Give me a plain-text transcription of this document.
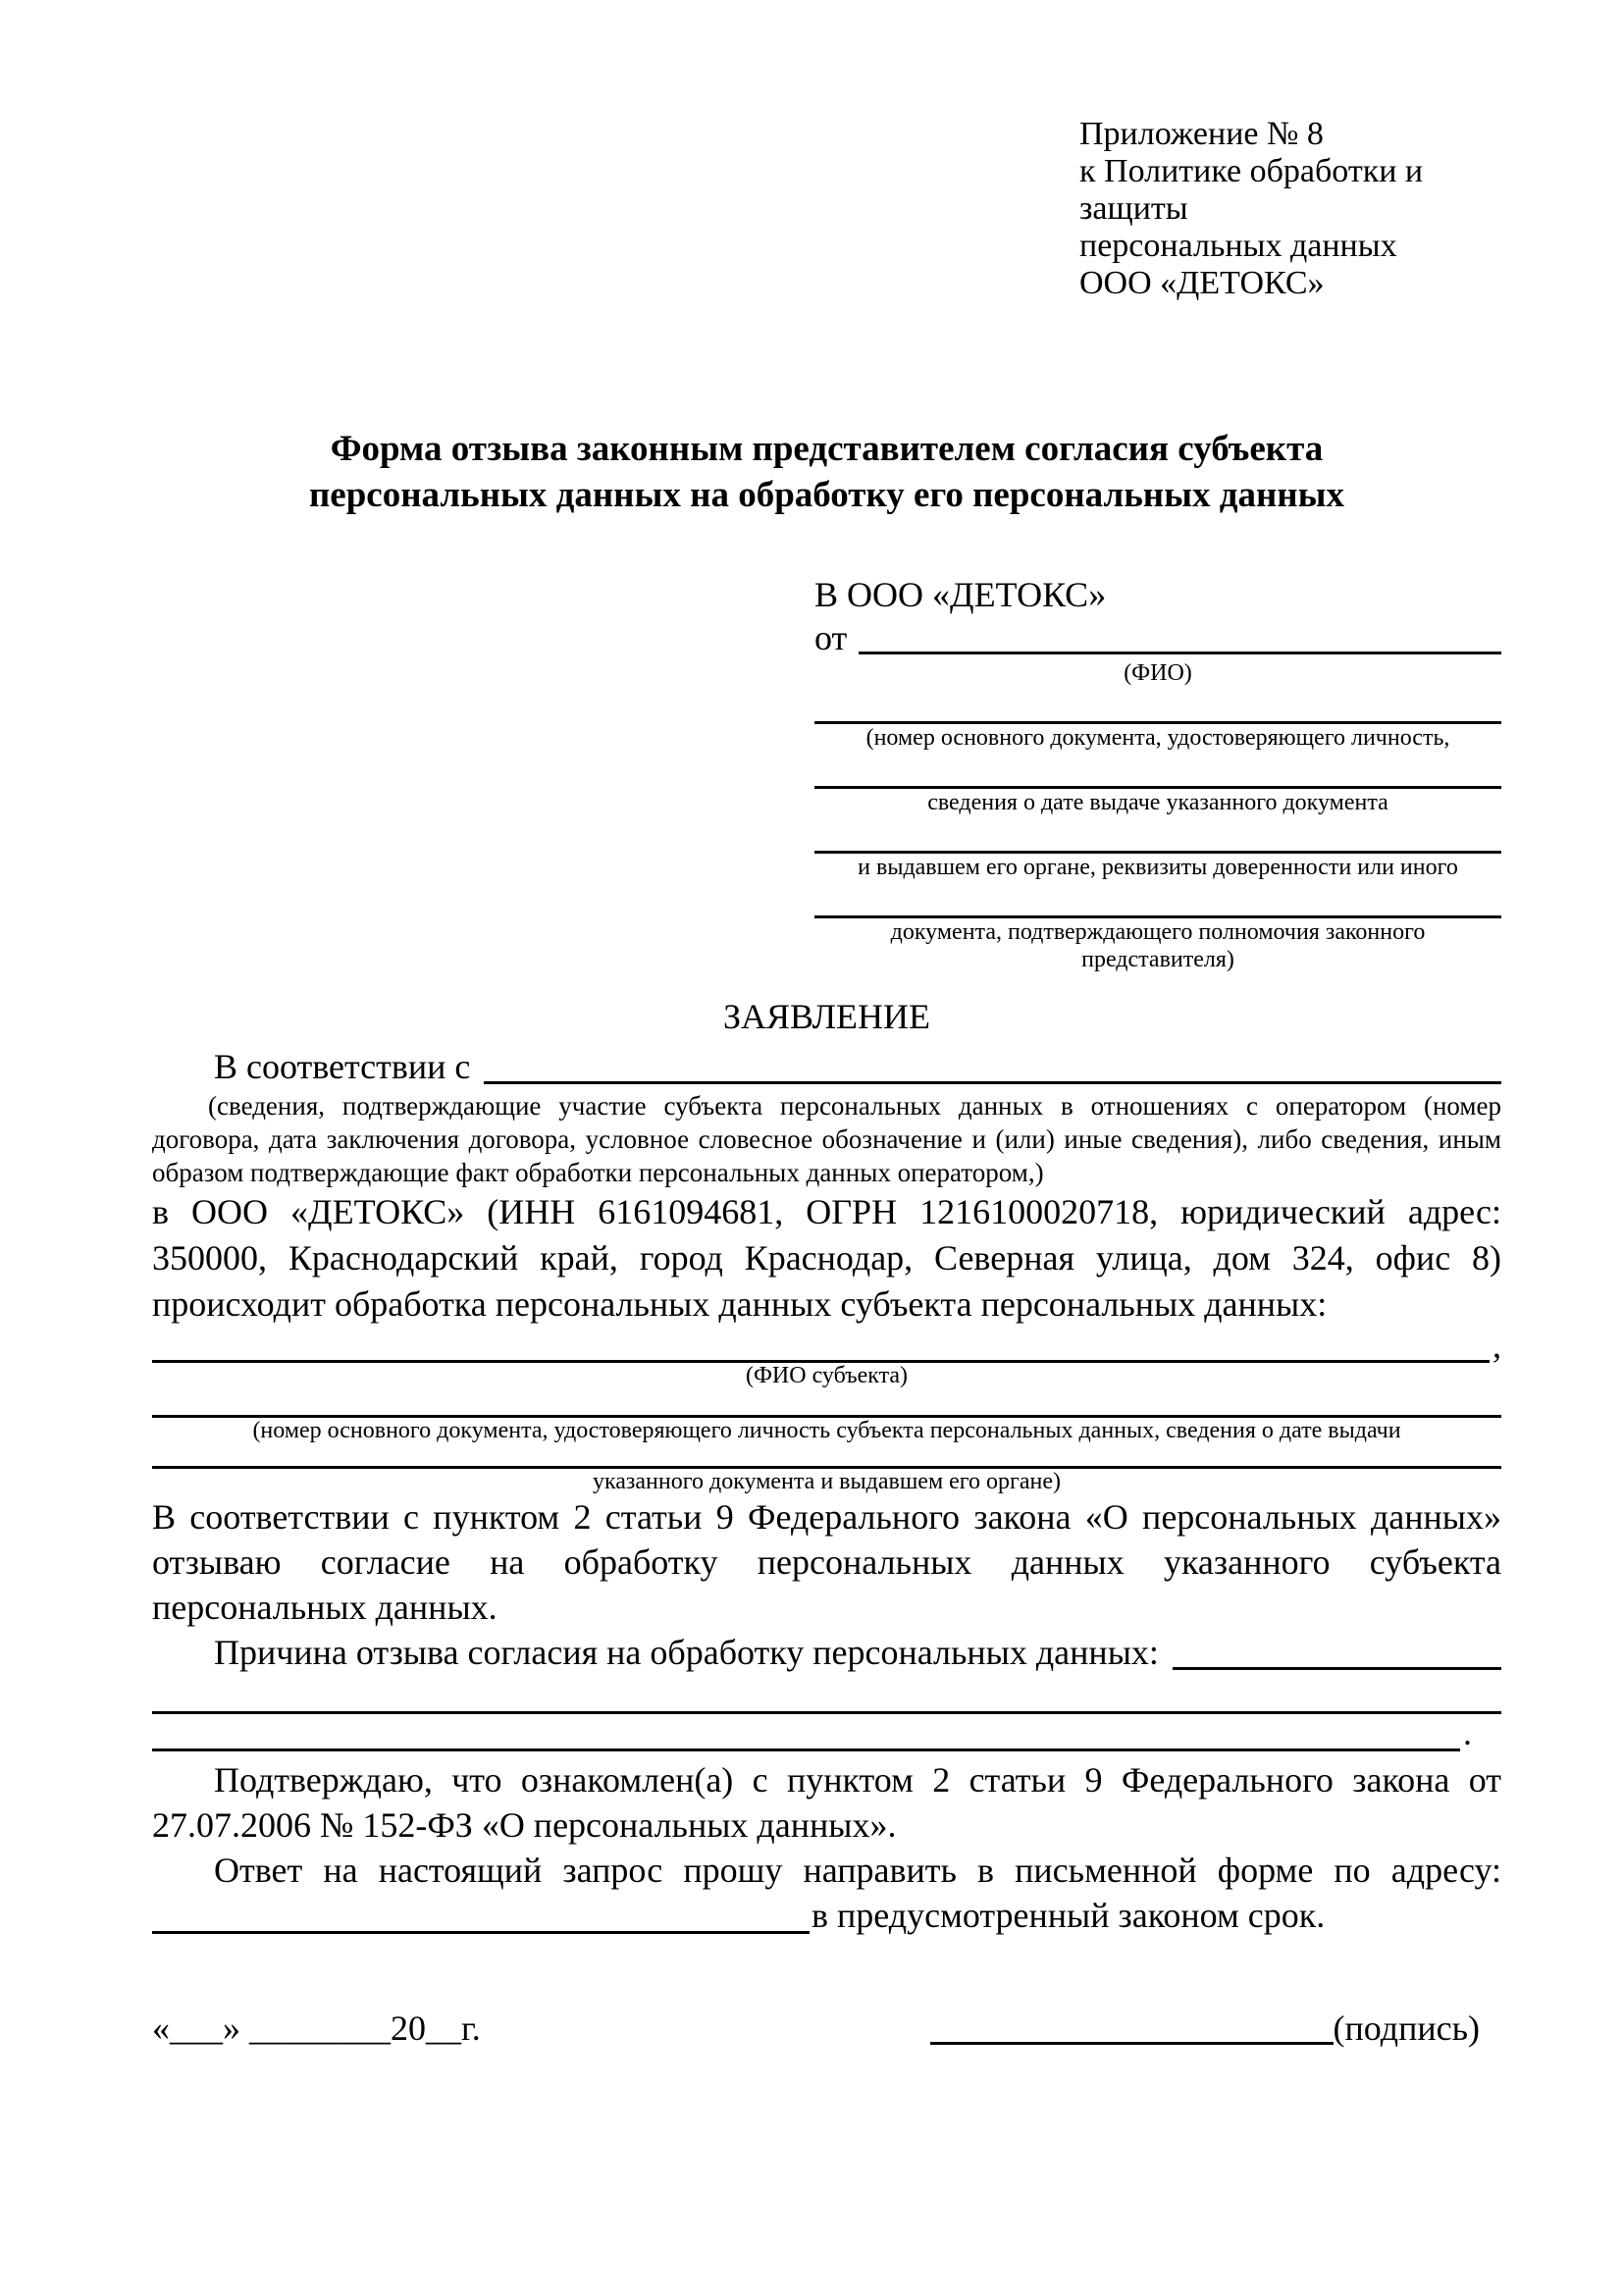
Приложение № 8
к Политике обработки и защиты
персональных данных
ООО «ДЕТОКС»
Форма отзыва законным представителем согласия субъекта
персональных данных на обработку его персональных данных
В ООО «ДЕТОКС»
от
(ФИО)
(номер основного документа, удостоверяющего личность,
сведения о дате выдаче указанного документа
и выдавшем его органе, реквизиты доверенности или иного
документа, подтверждающего полномочия законного представителя)
ЗАЯВЛЕНИЕ
В соответствии с

(сведения, подтверждающие участие субъекта персональных данных в отношениях с оператором (номер договора, дата заключения договора, условное словесное обозначение и (или) иные сведения), либо сведения, иным образом подтверждающие факт обработки персональных данных оператором,)

в ООО «ДЕТОКС» (ИНН 6161094681, ОГРН 1216100020718, юридический адрес: 350000, Краснодарский край, город Краснодар, Северная улица, дом 324, офис 8) происходит обработка персональных данных субъекта персональных данных:

,
(ФИО субъекта)
(номер основного документа, удостоверяющего личность субъекта персональных данных, сведения о дате выдачи
указанного документа и выдавшем его органе)

В соответствии с пунктом 2 статьи 9 Федерального закона «О персональных данных» отзываю согласие на обработку персональных данных указанного субъекта персональных данных.

Причина отзыва согласия на обработку персональных данных:
.

Подтверждаю, что ознакомлен(а) с пунктом 2 статьи 9 Федерального закона от 27.07.2006 № 152-ФЗ «О персональных данных».

Ответ на настоящий запрос прошу направить в письменной форме по адресу:

в предусмотренный законом срок.
«___» ________20__г.	(подпись)
